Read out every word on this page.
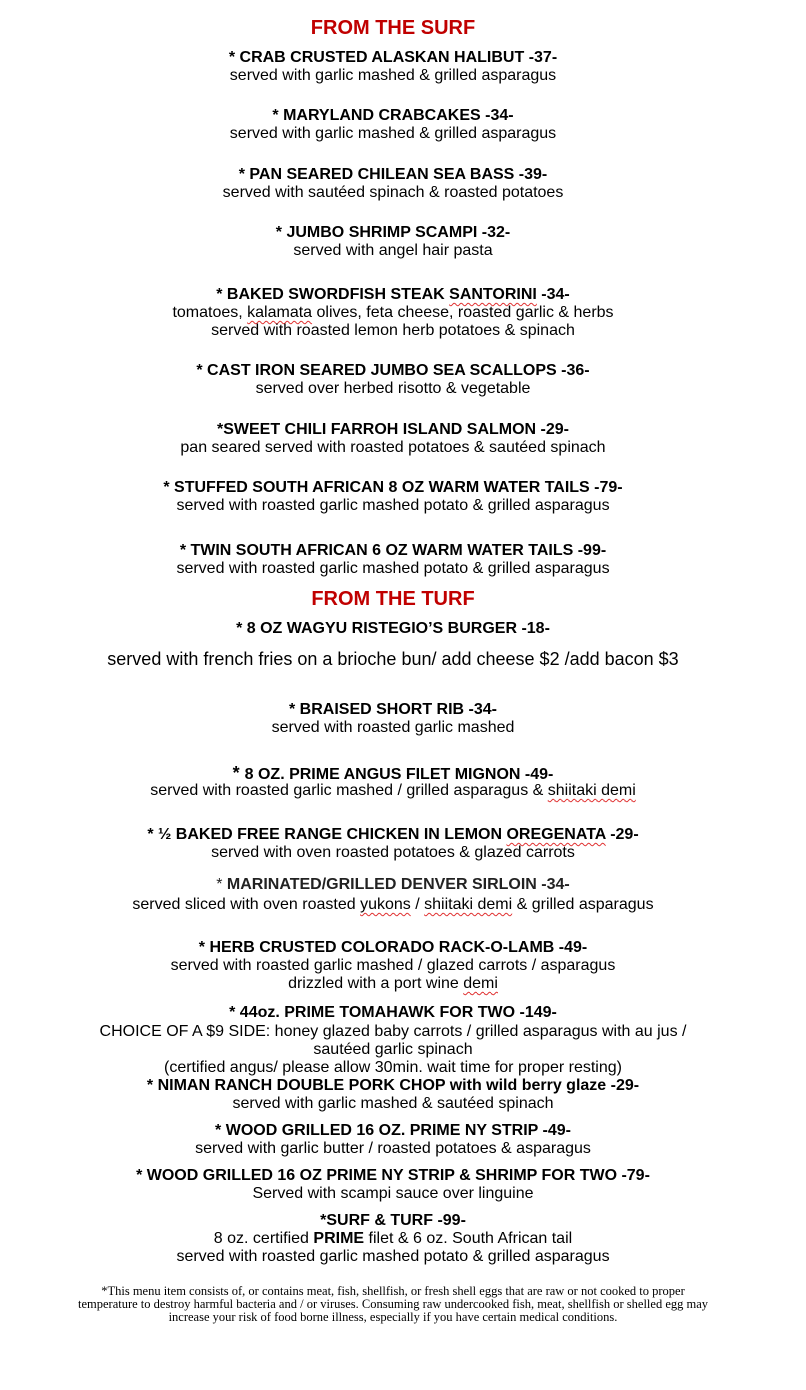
FROM THE SURF
* CRAB CRUSTED ALASKAN HALIBUT -37-
served with garlic mashed & grilled asparagus
* MARYLAND CRABCAKES -34-
served with garlic mashed & grilled asparagus
* PAN SEARED CHILEAN SEA BASS -39-
served with sautéed spinach & roasted potatoes
* JUMBO SHRIMP SCAMPI -32-
served with angel hair pasta
* BAKED SWORDFISH STEAK SANTORINI -34-
tomatoes, kalamata olives, feta cheese, roasted garlic & herbs
served with roasted lemon herb potatoes & spinach
* CAST IRON SEARED JUMBO SEA SCALLOPS -36-
served over herbed risotto & vegetable
*SWEET CHILI FARROH ISLAND SALMON -29-
pan seared served with roasted potatoes & sautéed spinach
* STUFFED SOUTH AFRICAN 8 OZ WARM WATER TAILS -79-
served with roasted garlic mashed potato & grilled asparagus
* TWIN SOUTH AFRICAN 6 OZ WARM WATER TAILS -99-
served with roasted garlic mashed potato & grilled asparagus
FROM THE TURF
* 8 OZ WAGYU RISTEGIO’S BURGER -18-
served with french fries on a brioche bun/ add cheese $2 /add bacon $3
* BRAISED SHORT RIB -34-
served with roasted garlic mashed
* 8 OZ. PRIME ANGUS FILET MIGNON -49-
served with roasted garlic mashed / grilled asparagus & shiitaki demi
* ½ BAKED FREE RANGE CHICKEN IN LEMON OREGENATA -29-
served with oven roasted potatoes & glazed carrots
* MARINATED/GRILLED DENVER SIRLOIN -34-
served sliced with oven roasted yukons / shiitaki demi & grilled asparagus
* HERB CRUSTED COLORADO RACK-O-LAMB -49-
served with roasted garlic mashed / glazed carrots / asparagus
drizzled with a port wine demi
* 44oz. PRIME TOMAHAWK FOR TWO -149-
CHOICE OF A $9 SIDE: honey glazed baby carrots / grilled asparagus with au jus /
sautéed garlic spinach
(certified angus/ please allow 30min. wait time for proper resting)
* NIMAN RANCH DOUBLE PORK CHOP with wild berry glaze -29-
served with garlic mashed & sautéed spinach
* WOOD GRILLED 16 OZ. PRIME NY STRIP -49-
served with garlic butter / roasted potatoes & asparagus
* WOOD GRILLED 16 OZ PRIME NY STRIP & SHRIMP FOR TWO -79-
Served with scampi sauce over linguine
*SURF & TURF -99-
8 oz. certified PRIME filet & 6 oz. South African tail
served with roasted garlic mashed potato & grilled asparagus
*This menu item consists of, or contains meat, fish, shellfish, or fresh shell eggs that are raw or not cooked to proper temperature to destroy harmful bacteria and / or viruses. Consuming raw undercooked fish, meat, shellfish or shelled egg may increase your risk of food borne illness, especially if you have certain medical conditions.
